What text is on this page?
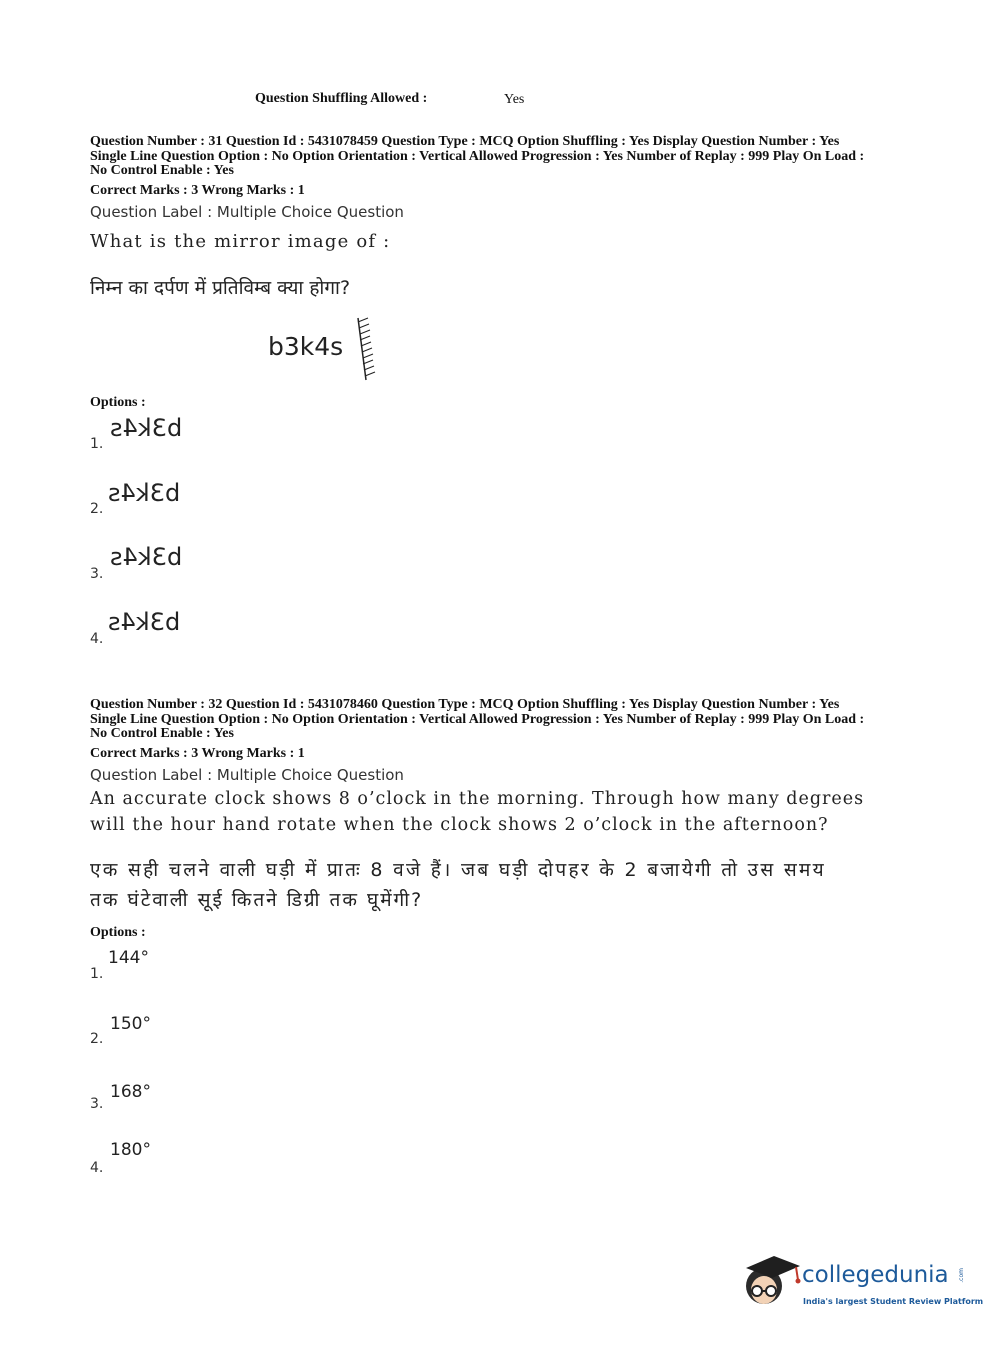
Question Shuffling Allowed :	Yes
Question Number : 31 Question Id : 5431078459 Question Type : MCQ Option Shuffling : Yes Display Question Number : Yes
Single Line Question Option : No Option Orientation : Vertical Allowed Progression : Yes Number of Replay : 999 Play On Load :
No Control Enable : Yes
Correct Marks : 3 Wrong Marks : 1
Question Label : Multiple Choice Question
What is the mirror image of :
निम्न का दर्पण में प्रतिविम्ब क्या होगा?
b3k4s
Options :
b3k4s
1.
b3k4s
2.
b3k4s
3.
b3k4s
4.
Question Number : 32 Question Id : 5431078460 Question Type : MCQ Option Shuffling : Yes Display Question Number : Yes
Single Line Question Option : No Option Orientation : Vertical Allowed Progression : Yes Number of Replay : 999 Play On Load :
No Control Enable : Yes
Correct Marks : 3 Wrong Marks : 1
Question Label : Multiple Choice Question
An accurate clock shows 8 o’clock in the morning. Through how many degrees
will the hour hand rotate when the clock shows 2 o’clock in the afternoon?
एक सही चलने वाली घड़ी में प्रातः 8 वजे हैं। जब घड़ी दोपहर के 2 बजायेगी तो उस समय
तक घंटेवाली सूई कितने डिग्री तक घूमेंगी?
Options :
144°
1.
150°
2.
168°
3.
180°
4.
collegedunia .com
India's largest Student Review Platform
